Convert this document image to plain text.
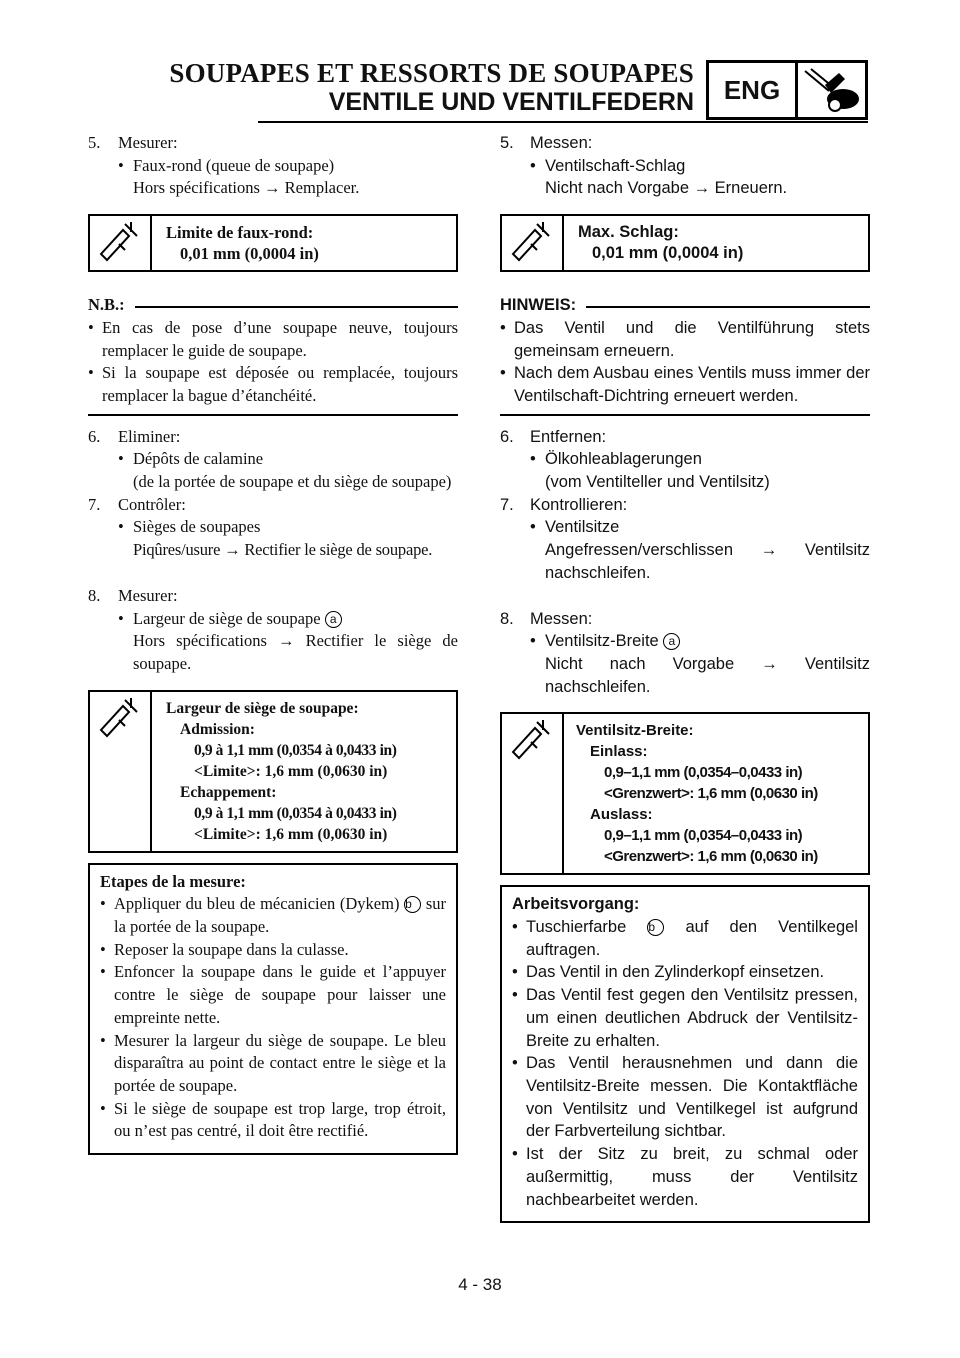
SOUPAPES ET RESSORTS DE SOUPAPES
VENTILE UND VENTILFEDERN	ENG
5.	Mesurer:
• Faux-rond (queue de soupape)
Hors spécifications → Remplacer.
Limite de faux-rond:
0,01 mm (0,0004 in)
N.B.:
• En cas de pose d’une soupape neuve, toujours remplacer le guide de soupape.
• Si la soupape est déposée ou remplacée, toujours remplacer la bague d’étanchéité.
6.	Eliminer:
• Dépôts de calamine
(de la portée de soupape et du siège de soupape)
7.	Contrôler:
• Sièges de soupapes
Piqûres/usure → Rectifier le siège de soupape.
8.	Mesurer:
• Largeur de siège de soupape a
Hors spécifications → Rectifier le siège de soupape.
Largeur de siège de soupape:
Admission:
0,9 à 1,1 mm (0,0354 à 0,0433 in)
<Limite>: 1,6 mm (0,0630 in)
Echappement:
0,9 à 1,1 mm (0,0354 à 0,0433 in)
<Limite>: 1,6 mm (0,0630 in)
Etapes de la mesure:
• Appliquer du bleu de mécanicien (Dykem) b sur la portée de la soupape.
• Reposer la soupape dans la culasse.
• Enfoncer la soupape dans le guide et l’appuyer contre le siège de soupape pour laisser une empreinte nette.
• Mesurer la largeur du siège de soupape. Le bleu disparaîtra au point de contact entre le siège et la portée de soupape.
• Si le siège de soupape est trop large, trop étroit, ou n’est pas centré, il doit être rectifié.
5. Messen:
• Ventilschaft-Schlag
Nicht nach Vorgabe → Erneuern.
Max. Schlag:
0,01 mm (0,0004 in)
HINWEIS:
• Das Ventil und die Ventilführung stets gemeinsam erneuern.
• Nach dem Ausbau eines Ventils muss immer der Ventilschaft-Dichtring erneuert werden.
6. Entfernen:
• Ölkohleablagerungen
(vom Ventilteller und Ventilsitz)
7. Kontrollieren:
• Ventilsitze
Angefressen/verschlissen → Ventilsitz nachschleifen.
8. Messen:
• Ventilsitz-Breite a
Nicht nach Vorgabe → Ventilsitz nachschleifen.
Ventilsitz-Breite:
Einlass:
0,9–1,1 mm (0,0354–0,0433 in)
<Grenzwert>: 1,6 mm (0,0630 in)
Auslass:
0,9–1,1 mm (0,0354–0,0433 in)
<Grenzwert>: 1,6 mm (0,0630 in)
Arbeitsvorgang:
• Tuschierfarbe b auf den Ventilkegel auftragen.
• Das Ventil in den Zylinderkopf einsetzen.
• Das Ventil fest gegen den Ventilsitz pressen, um einen deutlichen Abdruck der Ventilsitz-Breite zu erhalten.
• Das Ventil herausnehmen und dann die Ventilsitz-Breite messen. Die Kontaktfläche von Ventilsitz und Ventilkegel ist aufgrund der Farbverteilung sichtbar.
• Ist der Sitz zu breit, zu schmal oder außermittig, muss der Ventilsitz nachbearbeitet werden.
4 - 38
